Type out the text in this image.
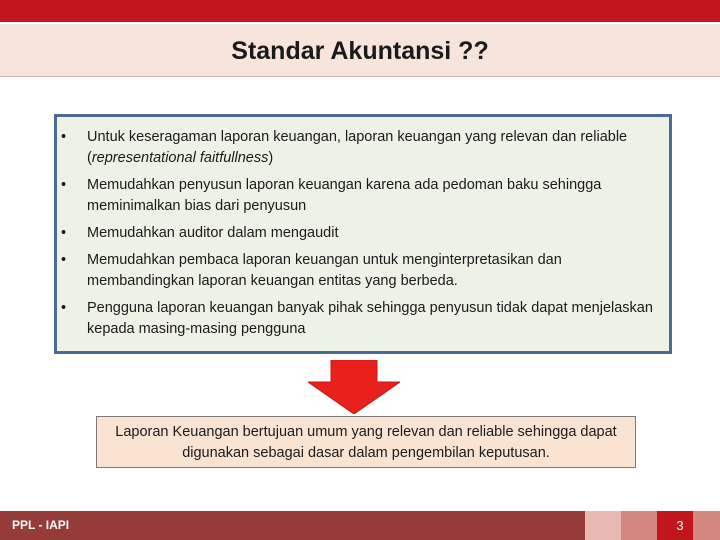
Standar Akuntansi ??
•	Untuk keseragaman laporan keuangan, laporan keuangan yang relevan dan reliable (representational faitfullness)
•	Memudahkan penyusun laporan keuangan karena ada pedoman baku sehingga meminimalkan bias dari penyusun
•	Memudahkan auditor dalam mengaudit
•	Memudahkan pembaca laporan keuangan untuk menginterpretasikan dan membandingkan laporan keuangan entitas yang berbeda.
•	Pengguna laporan keuangan banyak pihak sehingga penyusun tidak dapat menjelaskan kepada masing-masing pengguna
Laporan Keuangan bertujuan umum yang relevan dan reliable sehingga dapat digunakan sebagai dasar dalam pengembilan keputusan.
PPL - IAPI	3
